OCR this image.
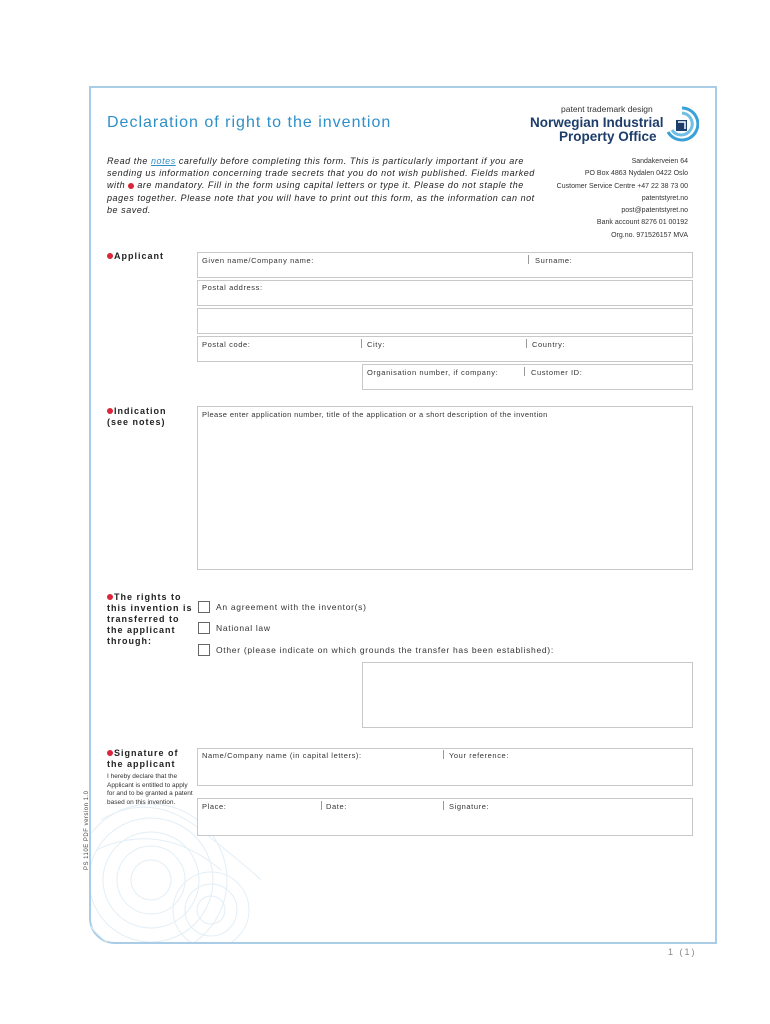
Declaration of right to the invention
Read the notes carefully before completing this form. This is particularly important if you are sending us information concerning trade secrets that you do not wish published. Fields marked with  are mandatory. Fill in the form using capital letters or type it. Please do not staple the pages together. Please note that you will have to print out this form, as the information can not be saved.
patent trademark design
Norwegian Industrial
Property Office
Sandakerveien 64
PO Box 4863 Nydalen 0422 Oslo
Customer Service Centre +47 22 38 73 00
patentstyret.no
post@patentstyret.no
Bank account 8276 01 00192
Org.no. 971526157 MVA
Applicant	Given name/Company name:	Surname:
Postal address:
Postal code:	City:	Country:
Organisation number, if company:	Customer ID:
Indication
(see notes)
Please enter application number, title of the application or a short description of the invention
The rights to
this invention is
transferred to
the applicant
through:
An agreement with the inventor(s)
National law
Other (please indicate on which grounds the transfer has been established):
Signature of
the applicant
I hereby declare that the Applicant is entitled to apply for and to be granted a patent based on this invention.
Name/Company name (in capital letters):	Your reference:
Place:	Date:	Signature:
PS 110E PDF version 1.0
1 (1)
